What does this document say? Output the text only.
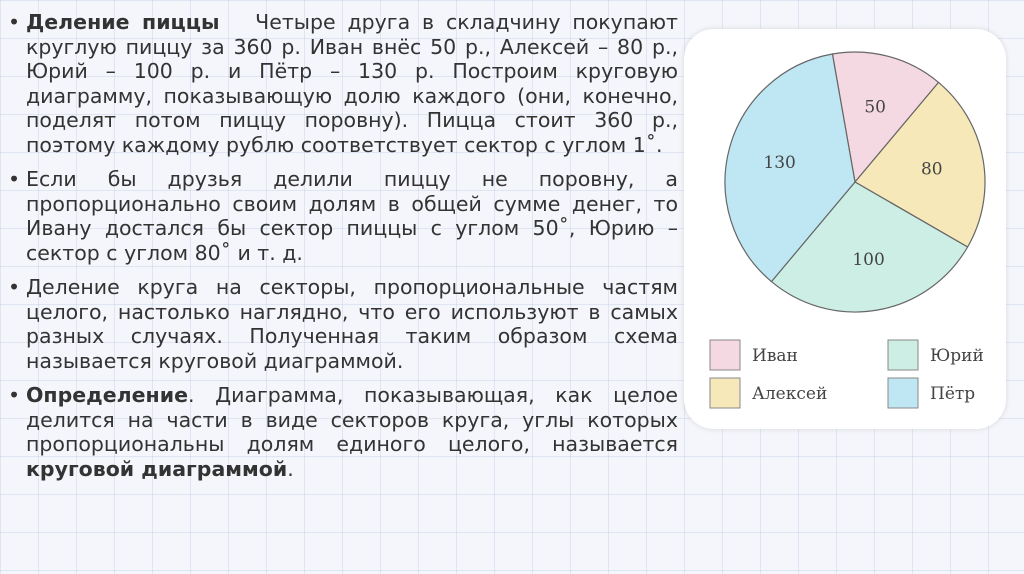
• Деление пиццы Четыре друга в складчину покупают круглую пиццу за 360 р. Иван внёс 50 р., Алексей – 80 р., Юрий – 100 р. и Пётр – 130 р. Построим круговую диаграмму, показывающую долю каждого (они, конечно, поделят потом пиццу поровну). Пицца стоит 360 р., поэтому каждому рублю соответствует сектор с углом 1˚.
• Если бы друзья делили пиццу не поровну, а пропорционально своим долям в общей сумме денег, то Ивану достался бы сектор пиццы с углом 50˚, Юрию – сектор с углом 80˚ и т. д.
• Деление круга на секторы, пропорциональные частям целого, настолько наглядно, что его используют в самых разных случаях. Полученная таким образом схема называется круговой диаграммой.
• Определение. Диаграмма, показывающая, как целое делится на части в виде секторов круга, углы которых пропорциональны долям единого целого, называется круговой диаграммой.
50
80
100
130
Иван	Юрий
Алексей	Пётр
